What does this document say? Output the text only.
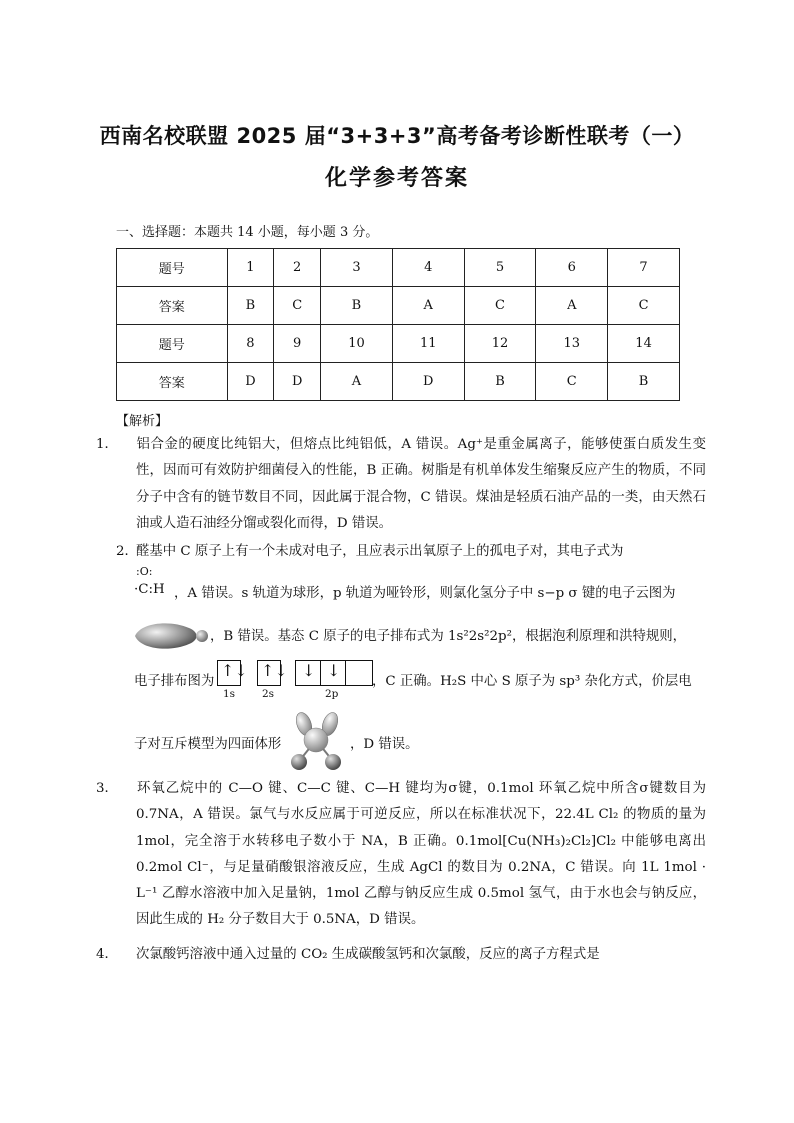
西南名校联盟 2025 届“3+3+3”高考备考诊断性联考（一）
化学参考答案
一、选择题：本题共 14 小题，每小题 3 分。
题号	1	2	3	4	5	6	7
答案	B	C	B	A	C	A	C
题号	8	9	10	11	12	13	14
答案	D	D	A	D	B	C	B
【解析】
1． 铝合金的硬度比纯铝大，但熔点比纯铝低，A 错误。Ag⁺是重金属离子，能够使蛋白质发生变性，因而可有效防护细菌侵入的性能，B 正确。树脂是有机单体发生缩聚反应产生的物质，不同分子中含有的链节数目不同，因此属于混合物，C 错误。煤油是轻质石油产品的一类，由天然石油或人造石油经分馏或裂化而得，D 错误。
2．醛基中 C 原子上有一个未成对电子，且应表示出氧原子上的孤电子对，其电子式为
:O:
·C:H ，A 错误。s 轨道为球形，p 轨道为哑铃形，则氯化氢分子中 s−p σ 键的电子云图为
，B 错误。基态 C 原子的电子排布式为 1s²2s²2p²，根据泡利原理和洪特规则，
电子排布图为
↑↓ ↑↓ ↓ ↓
1s	2s	2p
，C 正确。H₂S 中心 S 原子为 sp³ 杂化方式，价层电
子对互斥模型为四面体形	，D 错误。
3． 环氧乙烷中的 C—O 键、C—C 键、C—H 键均为σ键，0.1mol 环氧乙烷中所含σ键数目为 0.7NA，A 错误。氯气与水反应属于可逆反应，所以在标准状况下，22.4L Cl₂ 的物质的量为 1mol，完全溶于水转移电子数小于 NA，B 正确。0.1mol[Cu(NH₃)₂Cl₂]Cl₂ 中能够电离出 0.2mol Cl⁻，与足量硝酸银溶液反应，生成 AgCl 的数目为 0.2NA，C 错误。向 1L 1mol · L⁻¹ 乙醇水溶液中加入足量钠，1mol 乙醇与钠反应生成 0.5mol 氢气，由于水也会与钠反应，因此生成的 H₂ 分子数目大于 0.5NA，D 错误。
4． 次氯酸钙溶液中通入过量的 CO₂ 生成碳酸氢钙和次氯酸，反应的离子方程式是
